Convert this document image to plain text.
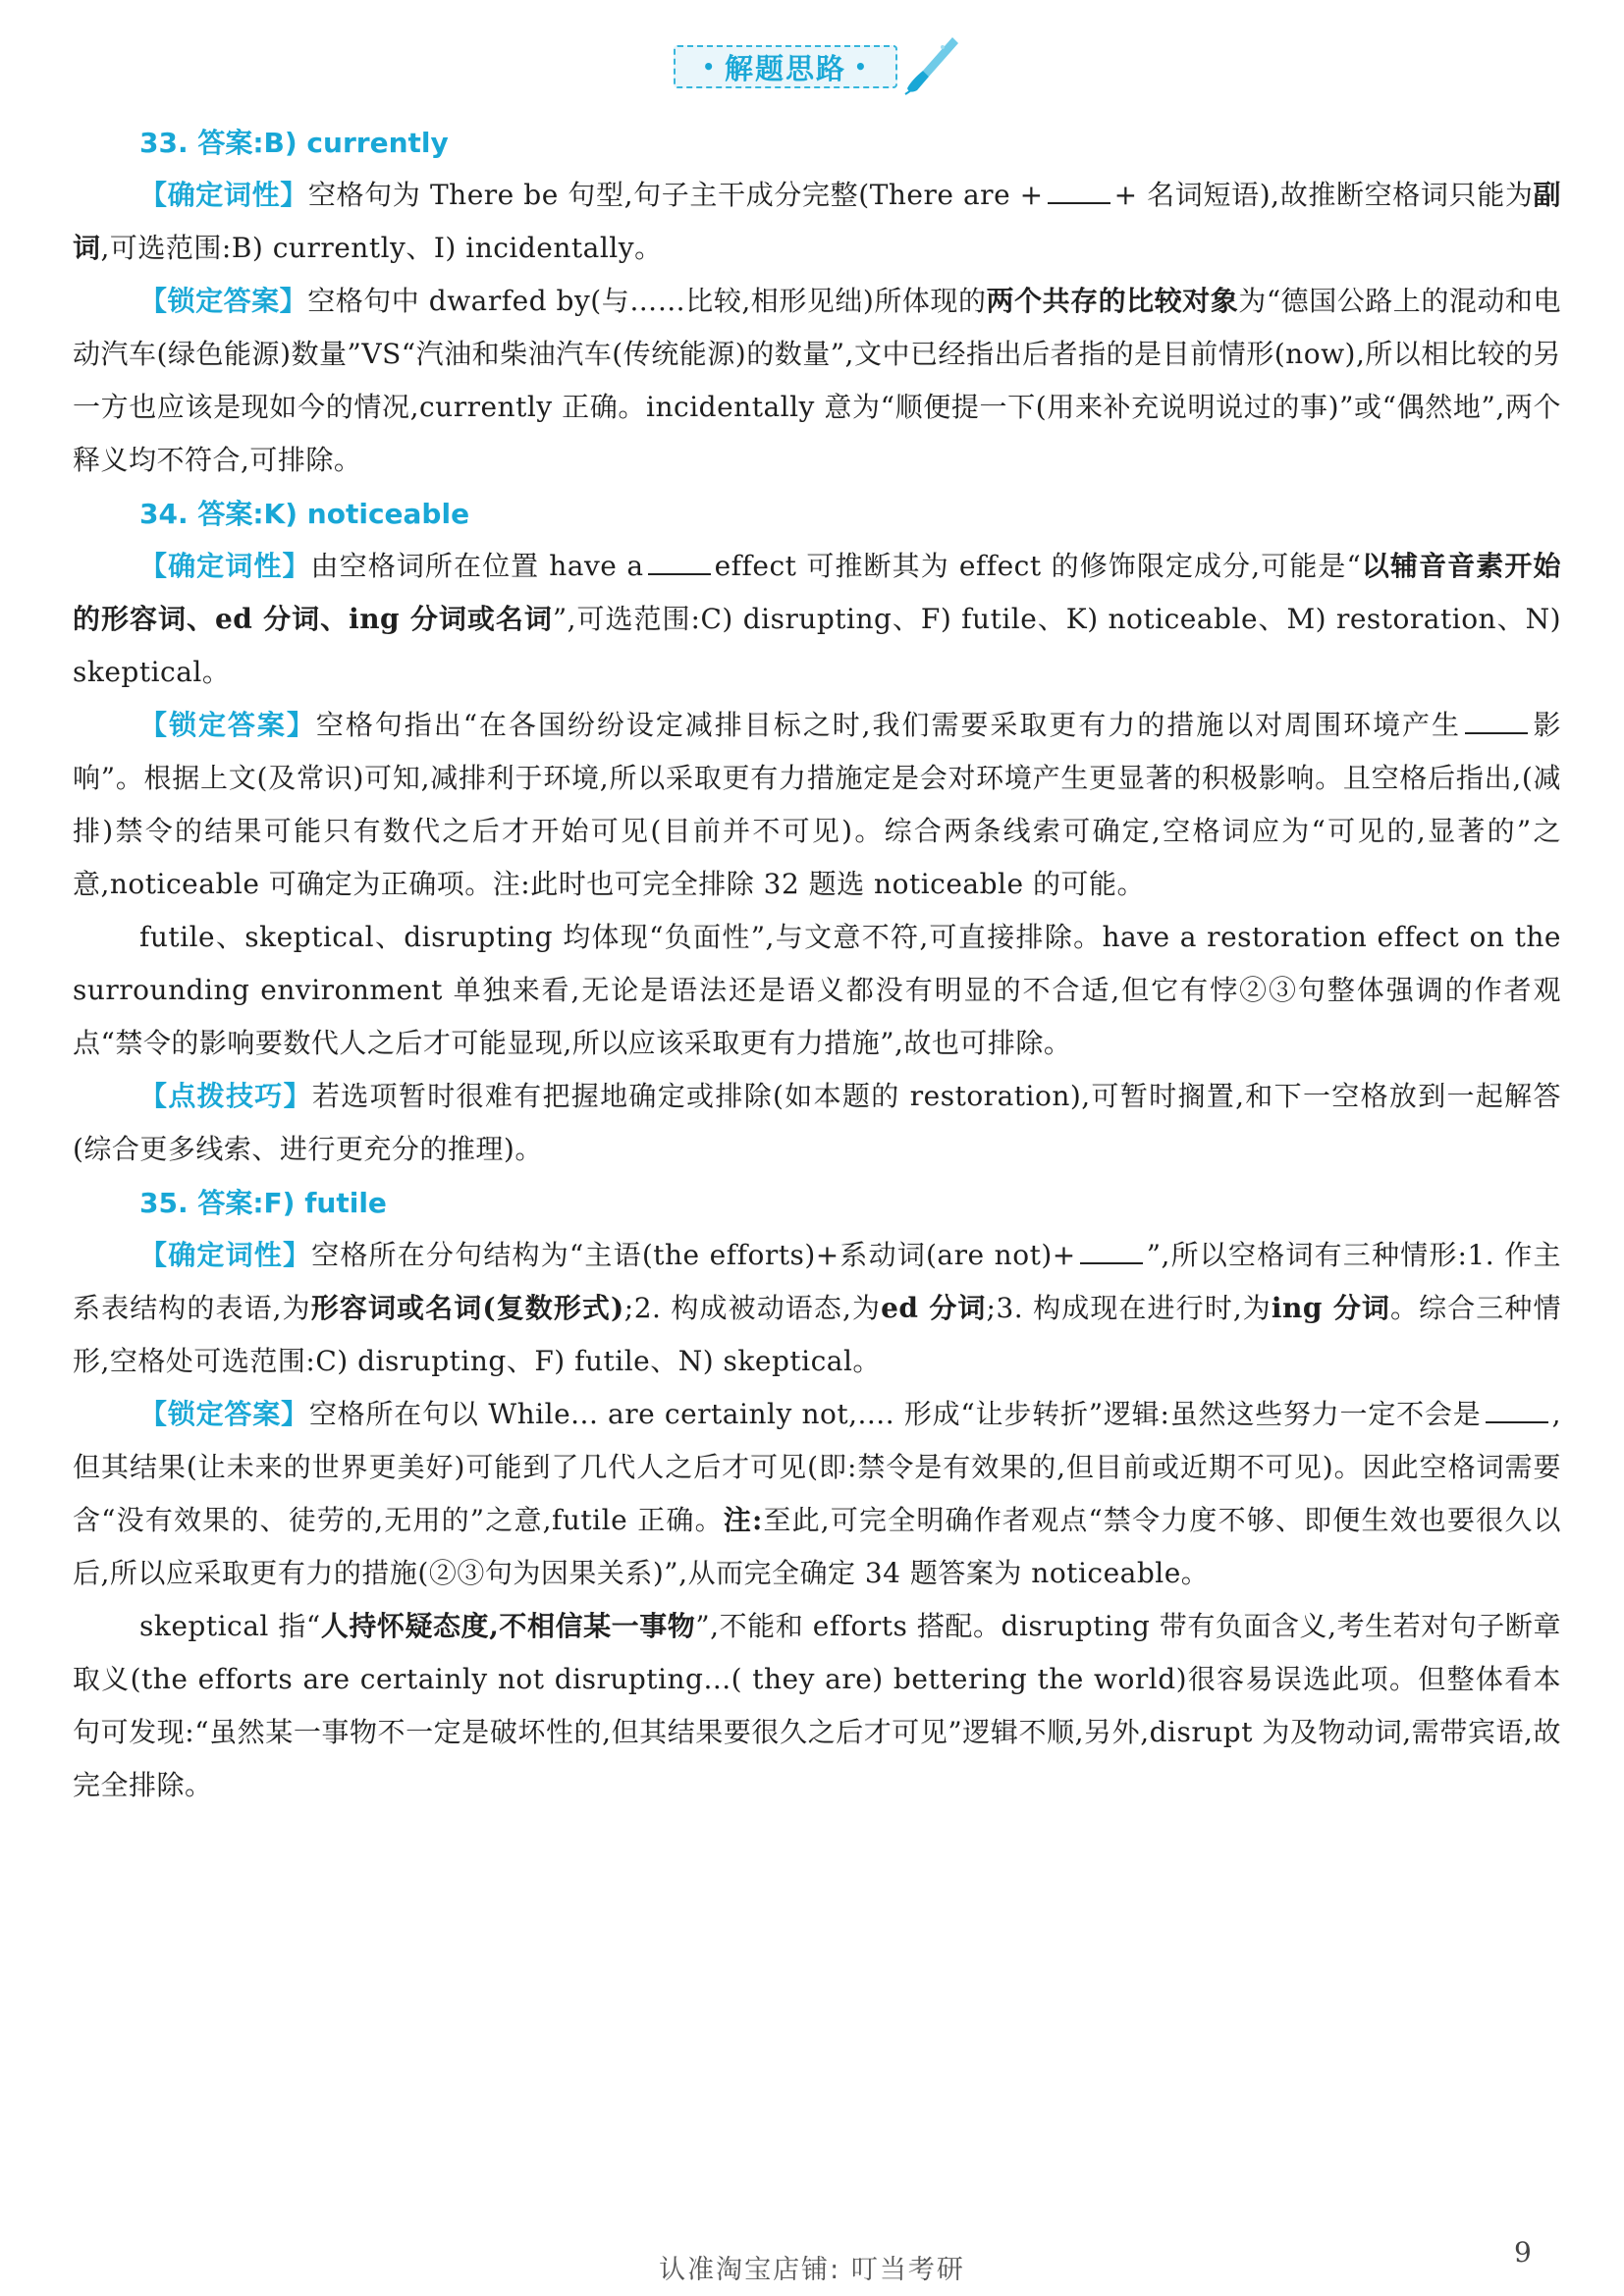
• 解题思路 •
33. 答案:B) currently

【确定词性】空格句为 There be 句型,句子主干成分完整(There are +	+ 名词短语),故推断空格词只能为副词,可选范围:B) currently、I) incidentally。

【锁定答案】空格句中 dwarfed by(与……比较,相形见绌)所体现的两个共存的比较对象为“德国公路上的混动和电动汽车(绿色能源)数量”VS“汽油和柴油汽车(传统能源)的数量”,文中已经指出后者指的是目前情形(now),所以相比较的另一方也应该是现如今的情况,currently 正确。incidentally 意为“顺便提一下(用来补充说明说过的事)”或“偶然地”,两个释义均不符合,可排除。

34. 答案:K) noticeable

【确定词性】由空格词所在位置 have a	effect 可推断其为 effect 的修饰限定成分,可能是“以辅音音素开始的形容词、ed 分词、ing 分词或名词”,可选范围:C) disrupting、F) futile、K) noticeable、M) restoration、N) skeptical。

【锁定答案】空格句指出“在各国纷纷设定减排目标之时,我们需要采取更有力的措施以对周围环境产生	影响”。根据上文(及常识)可知,减排利于环境,所以采取更有力措施定是会对环境产生更显著的积极影响。且空格后指出,(减排)禁令的结果可能只有数代之后才开始可见(目前并不可见)。综合两条线索可确定,空格词应为“可见的,显著的”之意,noticeable 可确定为正确项。注:此时也可完全排除 32 题选 noticeable 的可能。

futile、skeptical、disrupting 均体现“负面性”,与文意不符,可直接排除。have a restoration effect on the surrounding environment 单独来看,无论是语法还是语义都没有明显的不合适,但它有悖②③句整体强调的作者观点“禁令的影响要数代人之后才可能显现,所以应该采取更有力措施”,故也可排除。

【点拨技巧】若选项暂时很难有把握地确定或排除(如本题的 restoration),可暂时搁置,和下一空格放到一起解答(综合更多线索、进行更充分的推理)。

35. 答案:F) futile

【确定词性】空格所在分句结构为“主语(the efforts)+系动词(are not)+	”,所以空格词有三种情形:1. 作主系表结构的表语,为形容词或名词(复数形式);2. 构成被动语态,为ed 分词;3. 构成现在进行时,为ing 分词。综合三种情形,空格处可选范围:C) disrupting、F) futile、N) skeptical。

【锁定答案】空格所在句以 While... are certainly not,.... 形成“让步转折”逻辑:虽然这些努力一定不会是	,但其结果(让未来的世界更美好)可能到了几代人之后才可见(即:禁令是有效果的,但目前或近期不可见)。因此空格词需要含“没有效果的、徒劳的,无用的”之意,futile 正确。注:至此,可完全明确作者观点“禁令力度不够、即便生效也要很久以后,所以应采取更有力的措施(②③句为因果关系)”,从而完全确定 34 题答案为 noticeable。

skeptical 指“人持怀疑态度,不相信某一事物”,不能和 efforts 搭配。disrupting 带有负面含义,考生若对句子断章取义(the efforts are certainly not disrupting...( they are) bettering the world)很容易误选此项。但整体看本句可发现:“虽然某一事物不一定是破坏性的,但其结果要很久之后才可见”逻辑不顺,另外,disrupt 为及物动词,需带宾语,故完全排除。

认准淘宝店铺: 叮当考研
9
